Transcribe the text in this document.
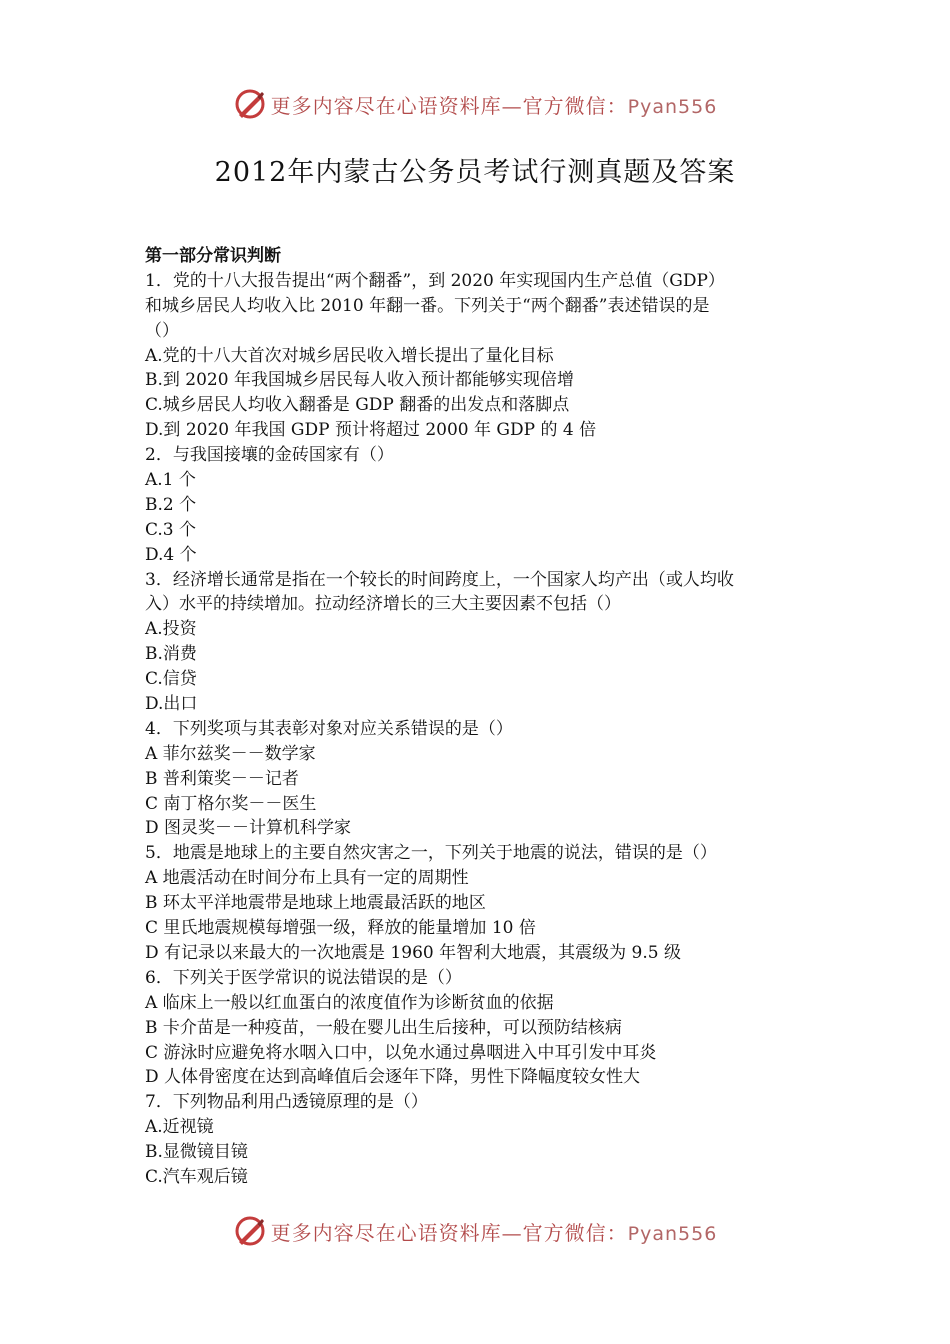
更多内容尽在心语资料库—官方微信：Pyan556
2012年内蒙古公务员考试行测真题及答案
第一部分常识判断
1．党的十八大报告提出“两个翻番”，到 2020 年实现国内生产总值（GDP）
和城乡居民人均收入比 2010 年翻一番。下列关于“两个翻番”表述错误的是
（）
A.党的十八大首次对城乡居民收入增长提出了量化目标
B.到 2020 年我国城乡居民每人收入预计都能够实现倍增
C.城乡居民人均收入翻番是 GDP 翻番的出发点和落脚点
D.到 2020 年我国 GDP 预计将超过 2000 年 GDP 的 4 倍
2．与我国接壤的金砖国家有（）
A.1 个
B.2 个
C.3 个
D.4 个
3．经济增长通常是指在一个较长的时间跨度上，一个国家人均产出（或人均收
入）水平的持续增加。拉动经济增长的三大主要因素不包括（）
A.投资
B.消费
C.信贷
D.出口
4．下列奖项与其表彰对象对应关系错误的是（）
A 菲尔兹奖－－数学家
B 普利策奖－－记者
C 南丁格尔奖－－医生
D 图灵奖－－计算机科学家
5．地震是地球上的主要自然灾害之一，下列关于地震的说法，错误的是（）
A 地震活动在时间分布上具有一定的周期性
B 环太平洋地震带是地球上地震最活跃的地区
C 里氏地震规模每增强一级，释放的能量增加 10 倍
D 有记录以来最大的一次地震是 1960 年智利大地震，其震级为 9.5 级
6．下列关于医学常识的说法错误的是（）
A 临床上一般以红血蛋白的浓度值作为诊断贫血的依据
B 卡介苗是一种疫苗，一般在婴儿出生后接种，可以预防结核病
C 游泳时应避免将水咽入口中，以免水通过鼻咽进入中耳引发中耳炎
D 人体骨密度在达到高峰值后会逐年下降，男性下降幅度较女性大
7．下列物品利用凸透镜原理的是（）
A.近视镜
B.显微镜目镜
C.汽车观后镜
更多内容尽在心语资料库—官方微信：Pyan556
